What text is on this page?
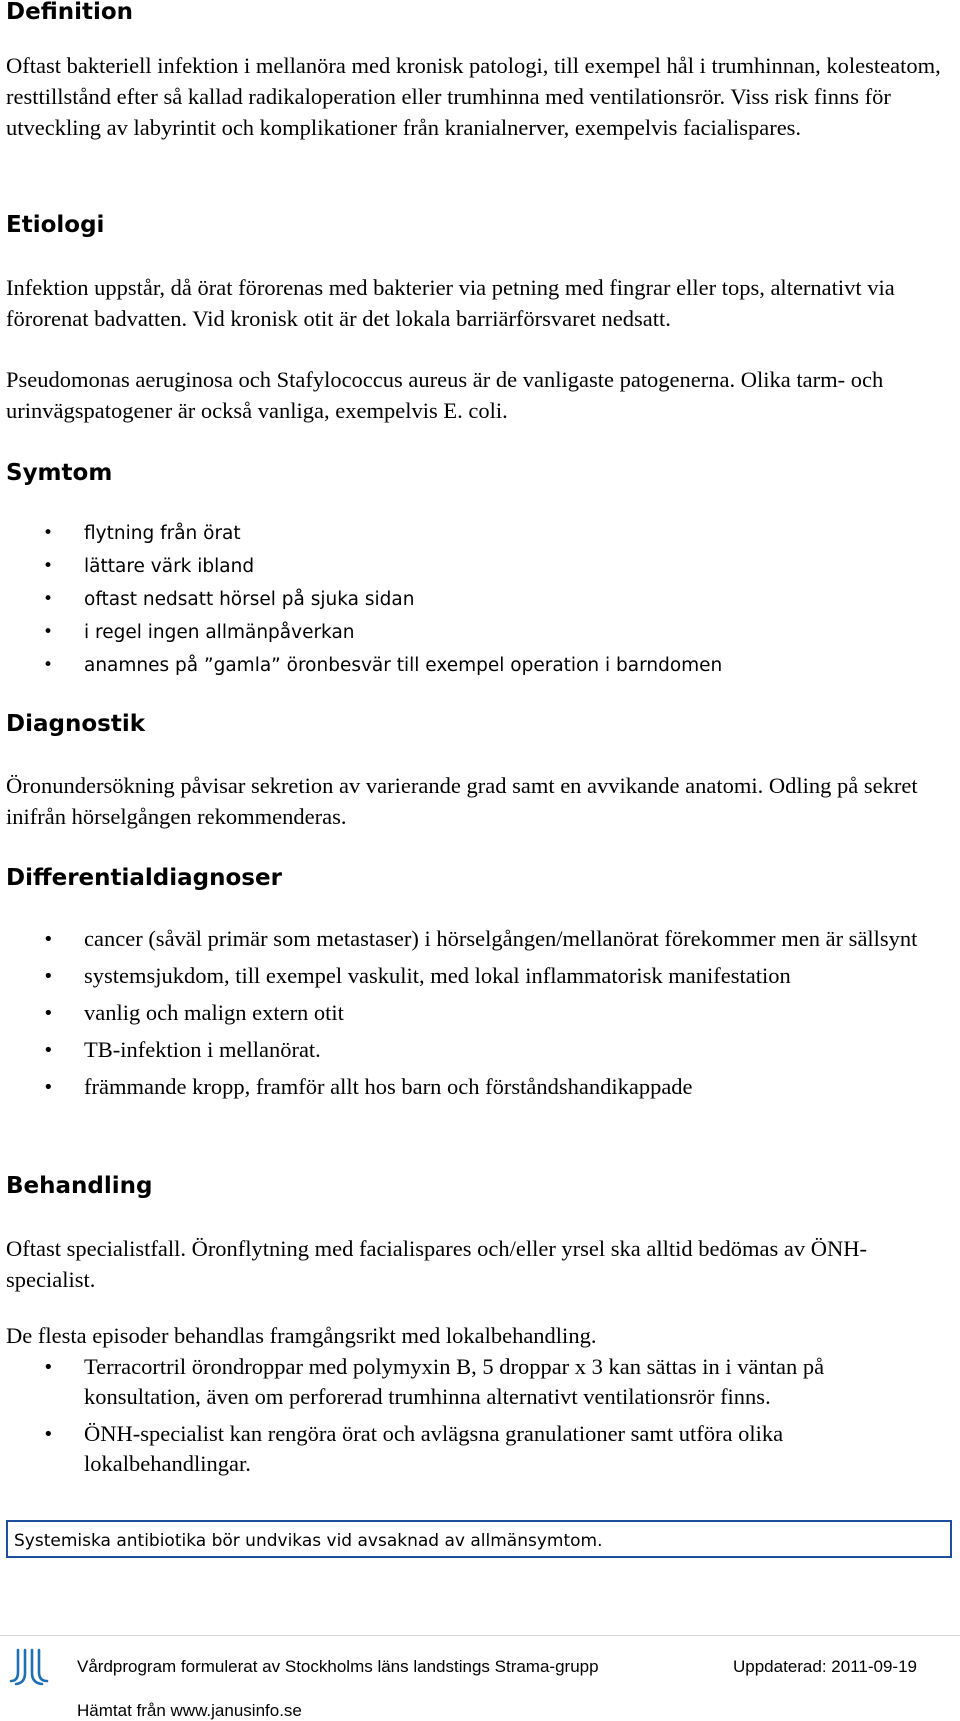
Definition

Oftast bakteriell infektion i mellanöra med kronisk patologi, till exempel hål i trumhinnan, kolesteatom, resttillstånd efter så kallad radikaloperation eller trumhinna med ventilationsrör. Viss risk finns för utveckling av labyrintit och komplikationer från kranialnerver, exempelvis facialispares.

Etiologi

Infektion uppstår, då örat förorenas med bakterier via petning med fingrar eller tops, alternativt via förorenat badvatten. Vid kronisk otit är det lokala barriärförsvaret nedsatt.

Pseudomonas aeruginosa och Stafylococcus aureus är de vanligaste patogenerna. Olika tarm- och urinvägspatogener är också vanliga, exempelvis E. coli.

Symtom
• flytning från örat
• lättare värk ibland
• oftast nedsatt hörsel på sjuka sidan
• i regel ingen allmänpåverkan
• anamnes på ”gamla” öronbesvär till exempel operation i barndomen
Diagnostik

Öronundersökning påvisar sekretion av varierande grad samt en avvikande anatomi. Odling på sekret inifrån hörselgången rekommenderas.

Differentialdiagnoser
• cancer (såväl primär som metastaser) i hörselgången/mellanörat förekommer men är sällsynt
• systemsjukdom, till exempel vaskulit, med lokal inflammatorisk manifestation
• vanlig och malign extern otit
• TB-infektion i mellanörat.
• främmande kropp, framför allt hos barn och förståndshandikappade
Behandling

Oftast specialistfall. Öronflytning med facialispares och/eller yrsel ska alltid bedömas av ÖNH-specialist.

De flesta episoder behandlas framgångsrikt med lokalbehandling.

• Terracortril örondroppar med polymyxin B, 5 droppar x 3 kan sättas in i väntan på konsultation, även om perforerad trumhinna alternativt ventilationsrör finns.
• ÖNH-specialist kan rengöra örat och avlägsna granulationer samt utföra olika lokalbehandlingar.
Systemiska antibiotika bör undvikas vid avsaknad av allmänsymtom.
Vårdprogram formulerat av Stockholms läns landstings Strama-grupp	Uppdaterad: 2011-09-19
Hämtat från www.janusinfo.se
